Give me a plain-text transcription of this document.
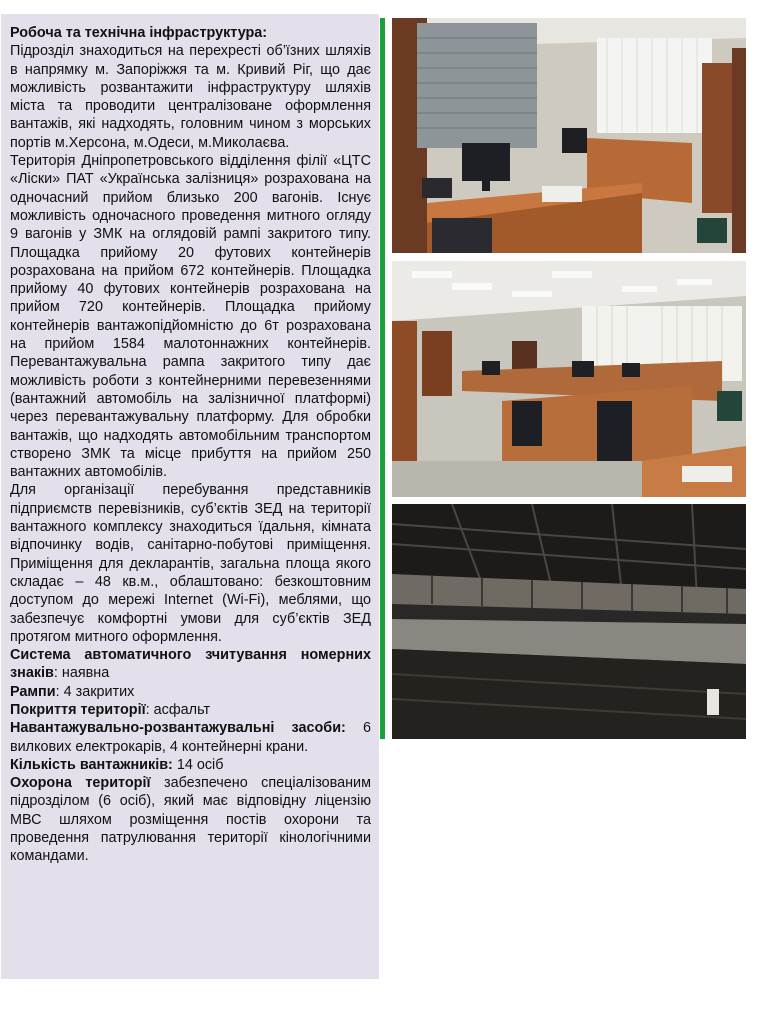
Робоча та технічна інфраструктура:

Підрозділ знаходиться на перехресті об’їзних шляхів в напрямку м. Запоріжжя та м. Кривий Ріг, що дає можливість розвантажити інфраструктуру шляхів міста та проводити централізоване оформлення вантажів, які надходять, головним чином з морських портів м.Херсона, м.Одеси, м.Миколаєва.

Територія Дніпропетровського відділення філії «ЦТС «Ліски» ПАТ «Українська залізниця» розрахована на одночасний прийом близько 200 вагонів. Існує можливість одночасного проведення митного огляду 9 вагонів у ЗМК на оглядовій рампі закритого типу. Площадка прийому 20 футових контейнерів розрахована на прийом 672 контейнерів. Площадка прийому 40 футових контейнерів розрахована на прийом 720 контейнерів. Площадка прийому контейнерів вантажопідйомністю до 6т розрахована на прийом 1584 малотоннажних контейнерів. Перевантажувальна рампа закритого типу дає можливість роботи з контейнерними перевезеннями (вантажний автомобіль на залізничної платформі) через перевантажувальну платформу. Для обробки вантажів, що надходять автомобільним транспортом створено ЗМК та місце прибуття на прийом 250 вантажних автомобілів.

Для організації перебування представників підприємств перевізників, суб’єктів ЗЕД на території вантажного комплексу знаходиться їдальня, кімната відпочинку водів, санітарно-побутові приміщення. Приміщення для декларантів, загальна площа якого складає – 48 кв.м., облаштовано: безкоштовним доступом до мережі Internet (Wi-Fi), меблями, що забезпечує комфортні умови для суб’єктів ЗЕД протягом митного оформлення.

Система автоматичного зчитування номерних знаків: наявна

Рампи: 4 закритих

Покриття території: асфальт

Навантажувально-розвантажувальні засоби: 6 вилкових електрокарів, 4 контейнерні крани.

Кількість вантажників: 14 осіб

Охорона території забезпечено спеціалізованим підрозділом (6 осіб), який має відповідну ліцензію МВС шляхом розміщення постів охорони та проведення патрулювання території кінологічними командами.
